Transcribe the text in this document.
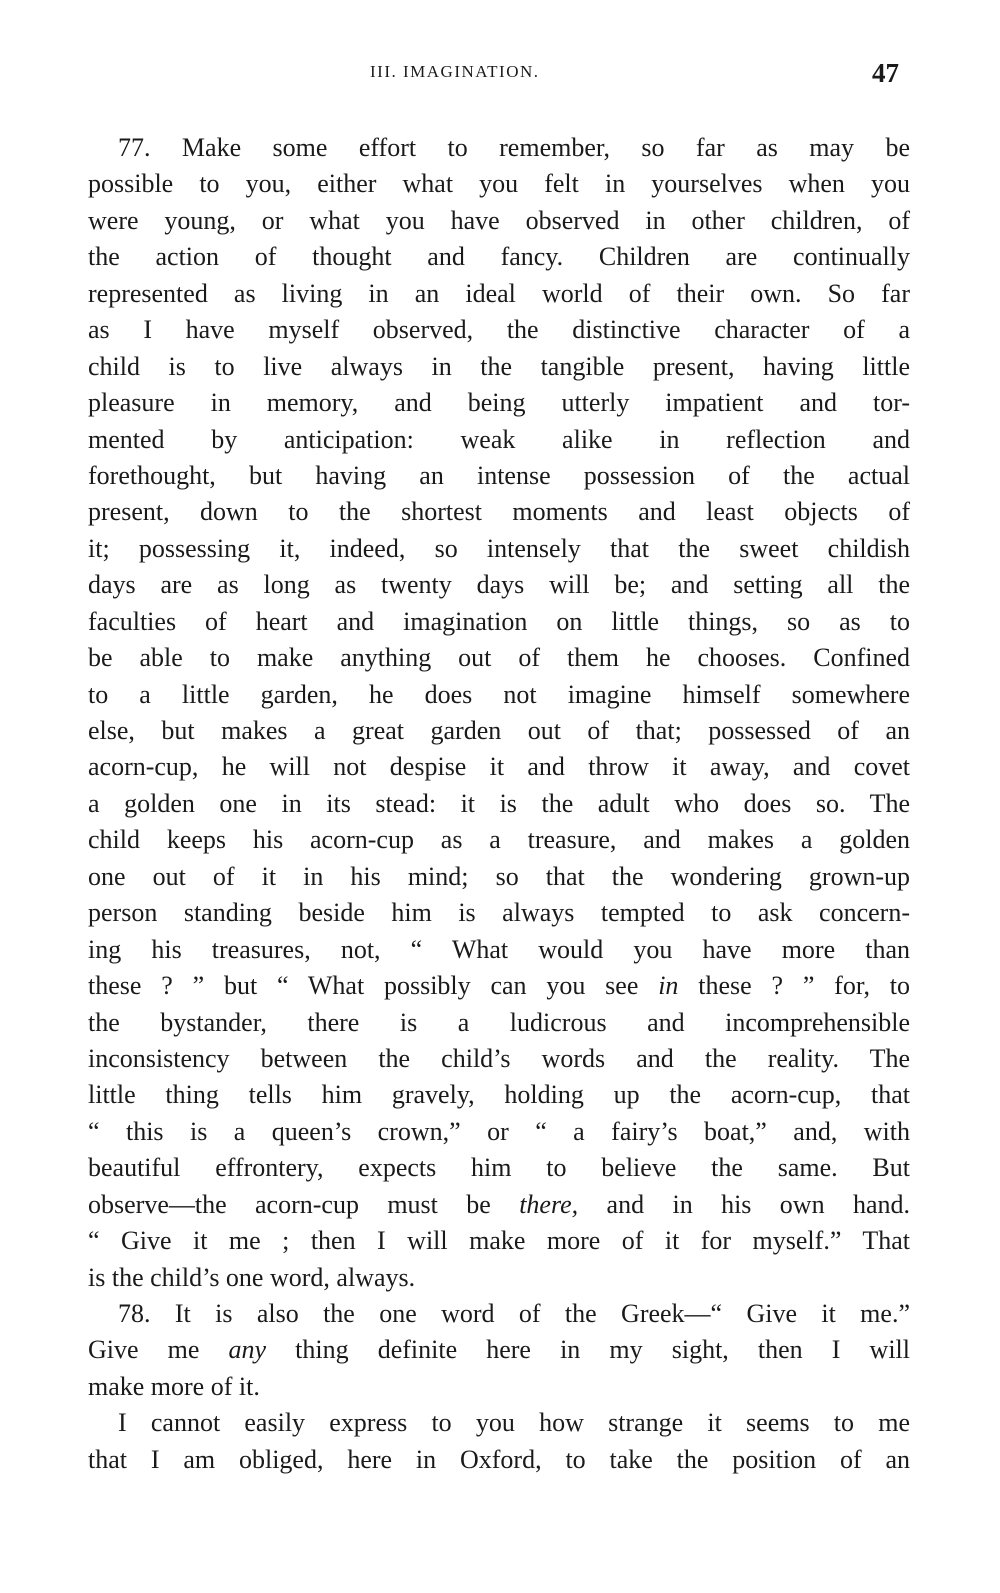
III. IMAGINATION.	47
77. Make some effort to remember, so far as may be
possible to you, either what you felt in yourselves when you
were young, or what you have observed in other children, of
the action of thought and fancy. Children are continually
represented as living in an ideal world of their own. So far
as I have myself observed, the distinctive character of a
child is to live always in the tangible present, having little
pleasure in memory, and being utterly impatient and tor-
mented by anticipation: weak alike in reflection and
forethought, but having an intense possession of the actual
present, down to the shortest moments and least objects of
it; possessing it, indeed, so intensely that the sweet childish
days are as long as twenty days will be; and setting all the
faculties of heart and imagination on little things, so as to
be able to make anything out of them he chooses. Confined
to a little garden, he does not imagine himself somewhere
else, but makes a great garden out of that; possessed of an
acorn-cup, he will not despise it and throw it away, and covet
a golden one in its stead: it is the adult who does so. The
child keeps his acorn-cup as a treasure, and makes a golden
one out of it in his mind; so that the wondering grown-up
person standing beside him is always tempted to ask concern-
ing his treasures, not, “ What would you have more than
these ? ” but “ What possibly can you see in these ? ” for, to
the bystander, there is a ludicrous and incomprehensible
inconsistency between the child’s words and the reality. The
little thing tells him gravely, holding up the acorn-cup, that
“ this is a queen’s crown,” or “ a fairy’s boat,” and, with
beautiful effrontery, expects him to believe the same. But
observe—the acorn-cup must be there, and in his own hand.
“ Give it me ; then I will make more of it for myself.” That
is the child’s one word, always.
78. It is also the one word of the Greek—“ Give it me.”
Give me any thing definite here in my sight, then I will
make more of it.
I cannot easily express to you how strange it seems to me
that I am obliged, here in Oxford, to take the position of an
